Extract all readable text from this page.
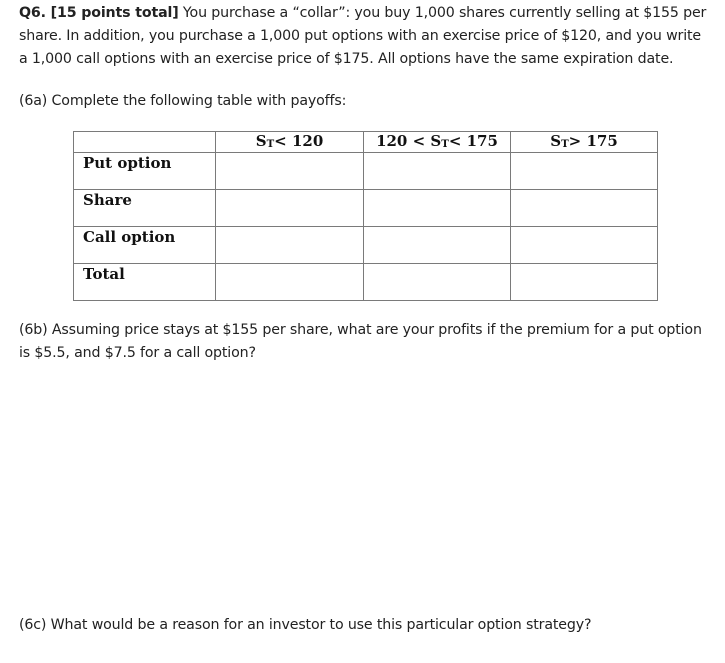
Q6. [15 points total] You purchase a “collar”: you buy 1,000 shares currently selling at $155 per
share. In addition, you purchase a 1,000 put options with an exercise price of $120, and you write
a 1,000 call options with an exercise price of $175. All options have the same expiration date.
(6a) Complete the following table with payoffs:
	$S_T< 120$	$120 < S_T< 175$	$S_T> 175$
Put option			
Share			
Call option			
Total			
(6b) Assuming price stays at $155 per share, what are your profits if the premium for a put option
is $5.5, and $7.5 for a call option?
(6c) What would be a reason for an investor to use this particular option strategy?
